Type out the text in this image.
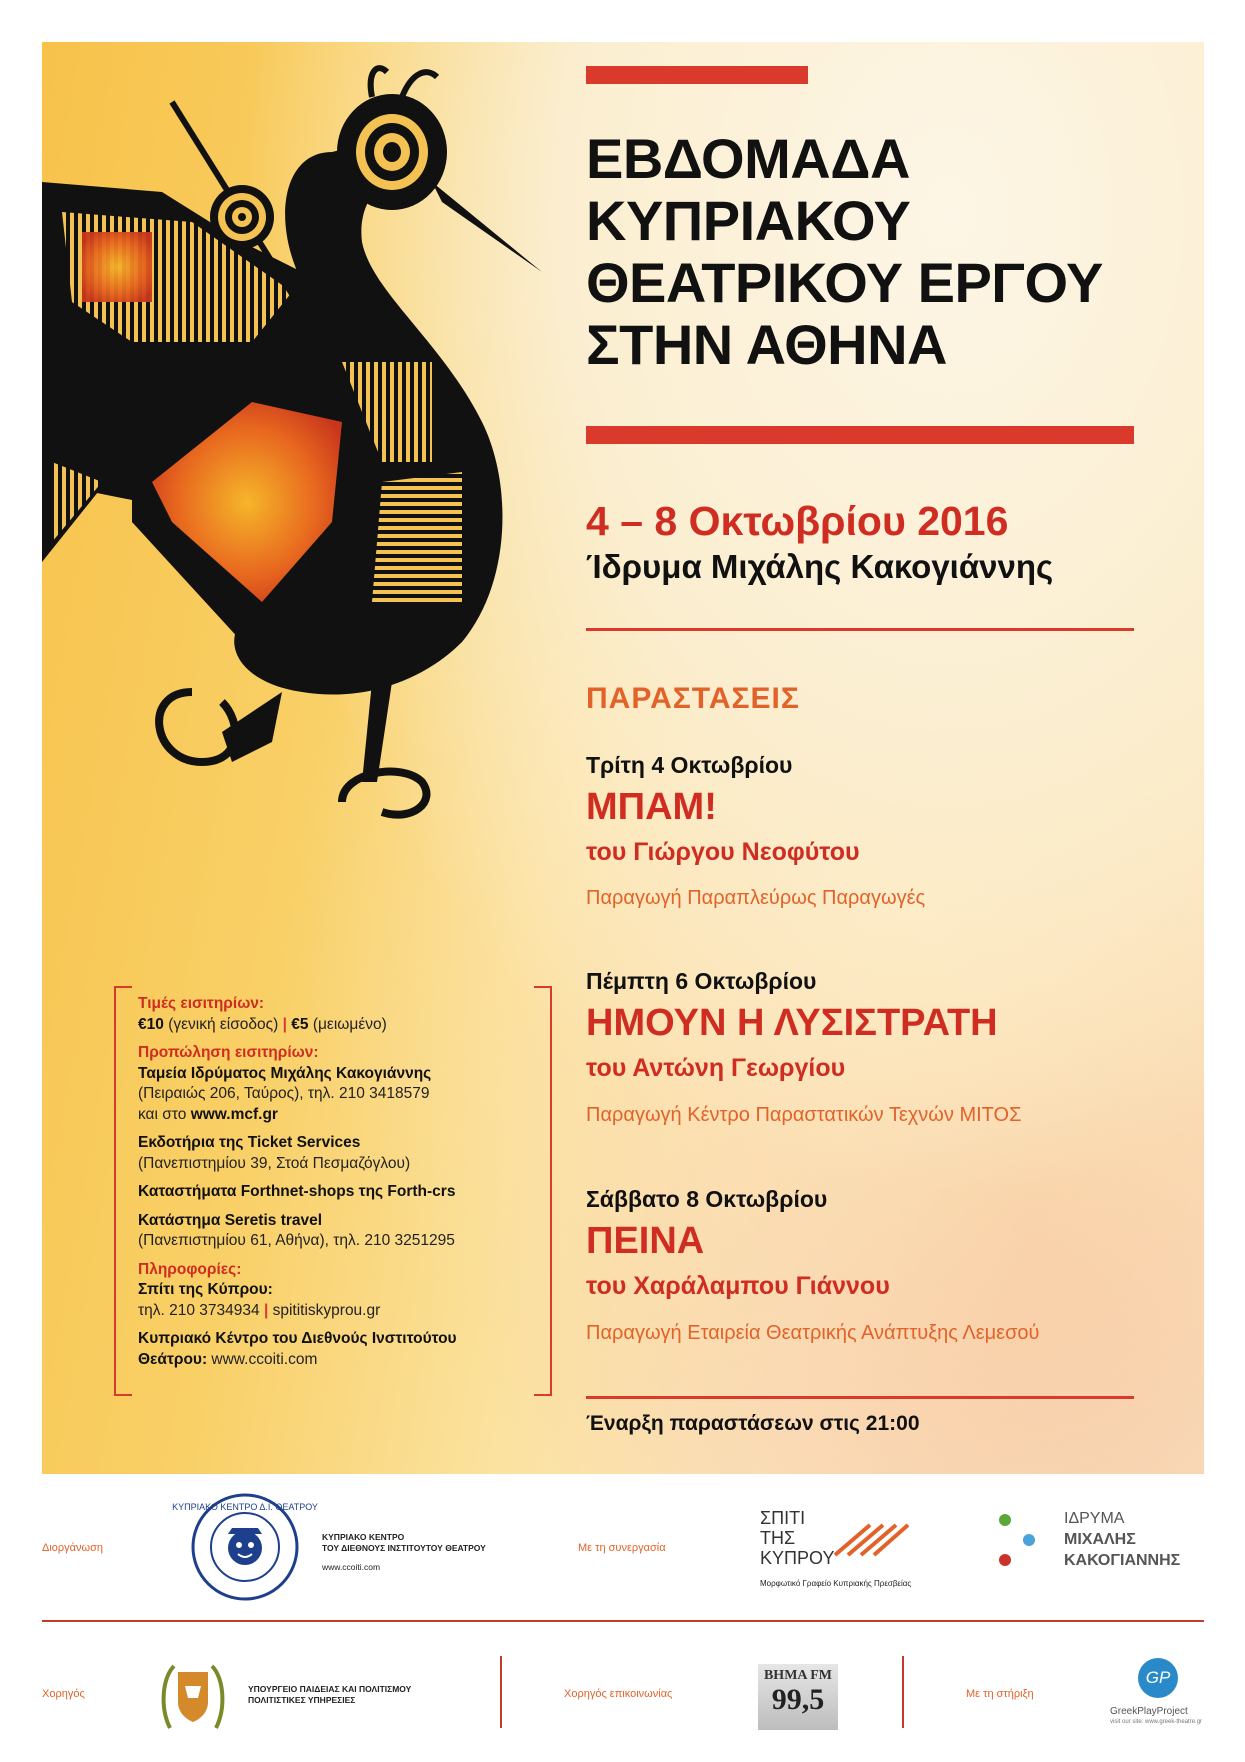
ΕΒΔΟΜΑΔΑ
ΚΥΠΡΙΑΚΟΥ
ΘΕΑΤΡΙΚΟΥ ΕΡΓΟΥ
ΣΤΗΝ ΑΘΗΝΑ
4 – 8 Οκτωβρίου 2016
Ίδρυμα Μιχάλης Κακογιάννης
ΠΑΡΑΣΤΑΣΕΙΣ
Τρίτη 4 Οκτωβρίου
ΜΠΑΜ!
του Γιώργου Νεοφύτου
Παραγωγή Παραπλεύρως Παραγωγές
Πέμπτη 6 Οκτωβρίου
ΗΜΟΥΝ Η ΛΥΣΙΣΤΡΑΤΗ
του Αντώνη Γεωργίου
Παραγωγή Κέντρο Παραστατικών Τεχνών ΜΙΤΟΣ
Σάββατο 8 Οκτωβρίου
ΠΕΙΝΑ
του Χαράλαμπου Γιάννου
Παραγωγή Εταιρεία Θεατρικής Ανάπτυξης Λεμεσού
Έναρξη παραστάσεων στις 21:00

Τιμές εισιτηρίων:
€10 (γενική είσοδος) | €5 (μειωμένο)

Προπώληση εισιτηρίων:
Ταμεία Ιδρύματος Μιχάλης Κακογιάννης
(Πειραιώς 206, Ταύρος), τηλ. 210 3418579
και στο www.mcf.gr

Εκδοτήρια της Ticket Services
(Πανεπιστημίου 39, Στοά Πεσμαζόγλου)

Καταστήματα Forthnet-shops της Forth-crs

Κατάστημα Seretis travel
(Πανεπιστημίου 61, Αθήνα), τηλ. 210 3251295

Πληροφορίες:
Σπίτι της Κύπρου:
τηλ. 210 3734934 | spititiskyprou.gr

Κυπριακό Κέντρο του Διεθνούς Ινστιτούτου
Θεάτρου: www.ccoiti.com

Διοργάνωση
ΚΥΠΡΙΑΚΟ ΚΕΝΤΡΟ Δ.Ι. ΘΕΑΤΡΟΥ
ΚΥΠΡΙΑΚΟ ΚΕΝΤΡΟ
ΤΟΥ ΔΙΕΘΝΟΥΣ ΙΝΣΤΙΤΟΥΤΟΥ ΘΕΑΤΡΟΥ
www.ccoiti.com
Με τη συνεργασία
ΣΠΙΤΙ
ΤΗΣ
ΚΥΠΡΟΥ
Μορφωτικό Γραφείο Κυπριακής Πρεσβείας
ΙΔΡΥΜΑ
ΜΙΧΑΛΗΣ
ΚΑΚΟΓΙΑΝΝΗΣ
Χορηγός	ΥΠΟΥΡΓΕΙΟ ΠΑΙΔΕΙΑΣ ΚΑΙ ΠΟΛΙΤΙΣΜΟΥ
ΠΟΛΙΤΙΣΤΙΚΕΣ ΥΠΗΡΕΣΙΕΣ	Χορηγός επικοινωνίας
ΒΗΜΑ FM
99,5	Με τη στήριξη
GP
GreekPlayProject
visit our site: www.greek-theatre.gr
